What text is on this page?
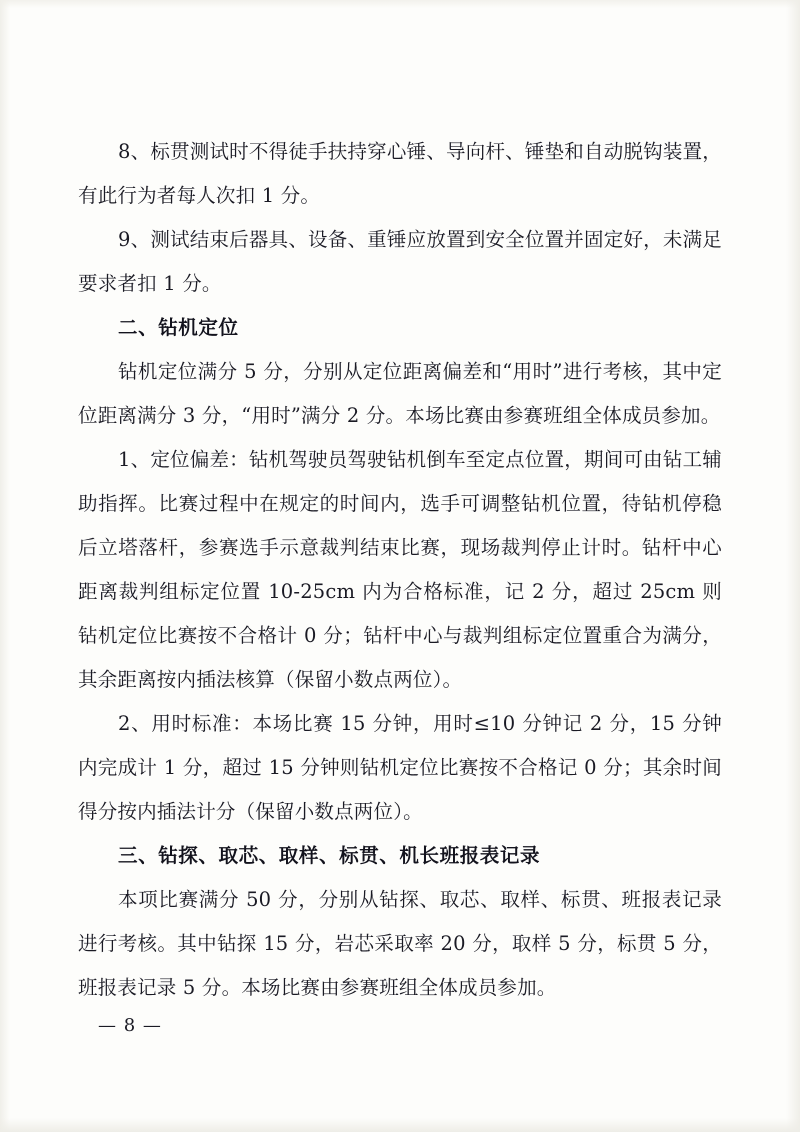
8、标贯测试时不得徒手扶持穿心锤、导向杆、锤垫和自动脱钩装置，有此行为者每人次扣 1 分。

9、测试结束后器具、设备、重锤应放置到安全位置并固定好，未满足要求者扣 1 分。

二、钻机定位

钻机定位满分 5 分，分别从定位距离偏差和“用时”进行考核，其中定位距离满分 3 分，“用时”满分 2 分。本场比赛由参赛班组全体成员参加。

1、定位偏差：钻机驾驶员驾驶钻机倒车至定点位置，期间可由钻工辅助指挥。比赛过程中在规定的时间内，选手可调整钻机位置，待钻机停稳后立塔落杆，参赛选手示意裁判结束比赛，现场裁判停止计时。钻杆中心距离裁判组标定位置 10-25cm 内为合格标准，记 2 分，超过 25cm 则钻机定位比赛按不合格计 0 分；钻杆中心与裁判组标定位置重合为满分，其余距离按内插法核算（保留小数点两位）。

2、用时标准：本场比赛 15 分钟，用时≤10 分钟记 2 分，15 分钟内完成计 1 分，超过 15 分钟则钻机定位比赛按不合格记 0 分；其余时间得分按内插法计分（保留小数点两位）。

三、钻探、取芯、取样、标贯、机长班报表记录

本项比赛满分 50 分，分别从钻探、取芯、取样、标贯、班报表记录进行考核。其中钻探 15 分，岩芯采取率 20 分，取样 5 分，标贯 5 分，班报表记录 5 分。本场比赛由参赛班组全体成员参加。

— 8 —
